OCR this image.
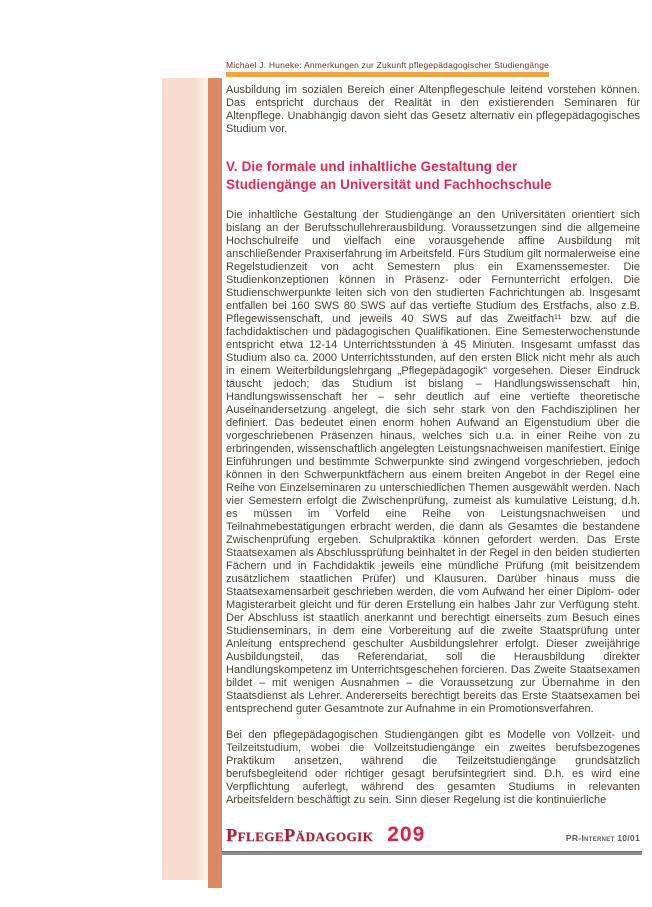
Michael J. Huneke: Anmerkungen zur Zukunft pflegepädagogischer Studiengänge

Ausbildung im sozialen Bereich einer Altenpflegeschule leitend vorstehen können. Das entspricht durchaus der Realität in den existierenden Seminaren für Altenpflege. Unabhängig davon sieht das Gesetz alternativ ein pflegepädagogisches Studium vor.

V. Die formale und inhaltliche Gestaltung der
Studiengänge an Universität und Fachhochschule

Die inhaltliche Gestaltung der Studiengänge an den Universitäten orientiert sich bislang an der Berufsschullehrerausbildung. Voraussetzungen sind die allgemeine Hochschulreife und vielfach eine vorausgehende affine Ausbildung mit anschließender Praxiserfahrung im Arbeitsfeld. Fürs Studium gilt normalerweise eine Regelstudienzeit von acht Semestern plus ein Examenssemester. Die Studienkonzeptionen können in Präsenz- oder Fernunterricht erfolgen. Die Studienschwerpunkte leiten sich von den studierten Fachrichtungen ab. Insgesamt entfallen bei 160 SWS 80 SWS auf das vertiefte Studium des Erstfachs, also z.B. Pflegewissenschaft, und jeweils 40 SWS auf das Zweitfach¹¹ bzw. auf die fachdidaktischen und pädagogischen Qualifikationen. Eine Semesterwochenstunde entspricht etwa 12-14 Unterrichtsstunden à 45 Minuten. Insgesamt umfasst das Studium also ca. 2000 Unterrichtsstunden, auf den ersten Blick nicht mehr als auch in einem Weiterbildungslehrgang „Pflegepädagogik“ vorgesehen. Dieser Eindruck täuscht jedoch; das Studium ist bislang – Handlungswissenschaft hin, Handlungswissenschaft her – sehr deutlich auf eine vertiefte theoretische Auseinandersetzung angelegt, die sich sehr stark von den Fachdisziplinen her definiert. Das bedeutet einen enorm hohen Aufwand an Eigenstudium über die vorgeschriebenen Präsenzen hinaus, welches sich u.a. in einer Reihe von zu erbringenden, wissenschaftlich angelegten Leistungsnachweisen manifestiert. Einige Einführungen und bestimmte Schwerpunkte sind zwingend vorgeschrieben, jedoch können in den Schwerpunktfächern aus einem breiten Angebot in der Regel eine Reihe von Einzelseminaren zu unterschiedlichen Themen ausgewählt werden. Nach vier Semestern erfolgt die Zwischenprüfung, zumeist als kumulative Leistung, d.h. es müssen im Vorfeld eine Reihe von Leistungsnachweisen und Teilnahmebestätigungen erbracht werden, die dann als Gesamtes die bestandene Zwischenprüfung ergeben. Schulpraktika können gefordert werden. Das Erste Staatsexamen als Abschlussprüfung beinhaltet in der Regel in den beiden studierten Fächern und in Fachdidaktik jeweils eine mündliche Prüfung (mit beisitzendem zusätzlichem staatlichen Prüfer) und Klausuren. Darüber hinaus muss die Staatsexamensarbeit geschrieben werden, die vom Aufwand her einer Diplom- oder Magisterarbeit gleicht und für deren Erstellung ein halbes Jahr zur Verfügung steht. Der Abschluss ist staatlich anerkannt und berechtigt einerseits zum Besuch eines Studienseminars, in dem eine Vorbereitung auf die zweite Staatsprüfung unter Anleitung entsprechend geschulter Ausbildungslehrer erfolgt. Dieser zweijährige Ausbildungsteil, das Referendariat, soll die Herausbildung direkter Handlungskompetenz im Unterrichtsgeschehen forcieren. Das Zweite Staatsexamen bildet – mit wenigen Ausnahmen – die Voraussetzung zur Übernahme in den Staatsdienst als Lehrer. Andererseits berechtigt bereits das Erste Staatsexamen bei entsprechend guter Gesamtnote zur Aufnahme in ein Promotionsverfahren.

Bei den pflegepädagogischen Studiengängen gibt es Modelle von Vollzeit- und Teilzeitstudium, wobei die Vollzeitstudiengänge ein zweites berufsbezogenes Praktikum ansetzen, während die Teilzeitstudiengänge grundsätzlich berufsbegleitend oder richtiger gesagt berufsintegriert sind. D.h. es wird eine Verpflichtung auferlegt, während des gesamten Studiums in relevanten Arbeitsfeldern beschäftigt zu sein. Sinn dieser Regelung ist die kontinuierliche

PflegePädagogik 209	PR-Internet 10/01
